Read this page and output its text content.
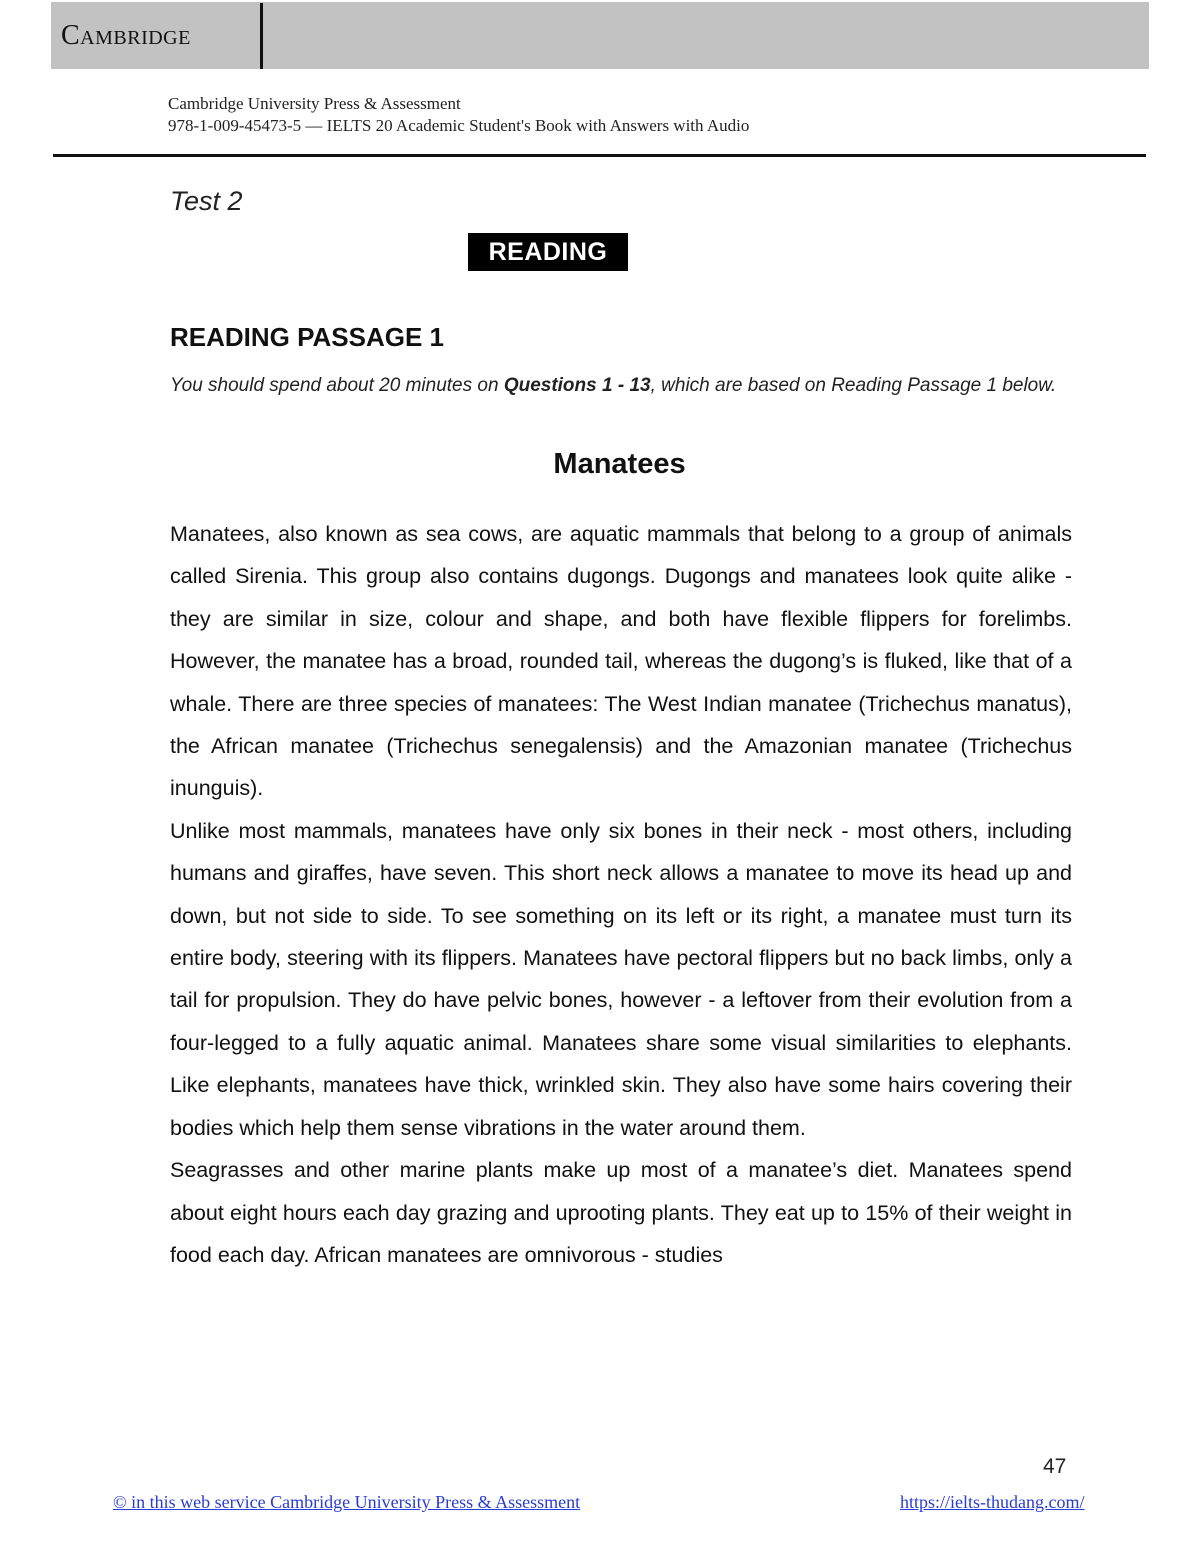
Cambridge
Cambridge University Press & Assessment
978-1-009-45473-5 — IELTS 20 Academic Student's Book with Answers with Audio
Test 2
READING
READING PASSAGE 1
You should spend about 20 minutes on Questions 1 - 13, which are based on Reading Passage 1 below.
Manatees

Manatees, also known as sea cows, are aquatic mammals that belong to a group of animals called Sirenia. This group also contains dugongs. Dugongs and manatees look quite alike - they are similar in size, colour and shape, and both have flexible flippers for forelimbs. However, the manatee has a broad, rounded tail, whereas the dugong’s is fluked, like that of a whale. There are three species of manatees: The West Indian manatee (Trichechus manatus), the African manatee (Trichechus senegalensis) and the Amazonian manatee (Trichechus inunguis).

Unlike most mammals, manatees have only six bones in their neck - most others, including humans and giraffes, have seven. This short neck allows a manatee to move its head up and down, but not side to side. To see something on its left or its right, a manatee must turn its entire body, steering with its flippers. Manatees have pectoral flippers but no back limbs, only a tail for propulsion. They do have pelvic bones, however - a leftover from their evolution from a four-legged to a fully aquatic animal. Manatees share some visual similarities to elephants. Like elephants, manatees have thick, wrinkled skin. They also have some hairs covering their bodies which help them sense vibrations in the water around them.

Seagrasses and other marine plants make up most of a manatee’s diet. Manatees spend about eight hours each day grazing and uprooting plants. They eat up to 15% of their weight in food each day. African manatees are omnivorous - studies

47
© in this web service Cambridge University Press & Assessment	https://ielts-thudang.com/
